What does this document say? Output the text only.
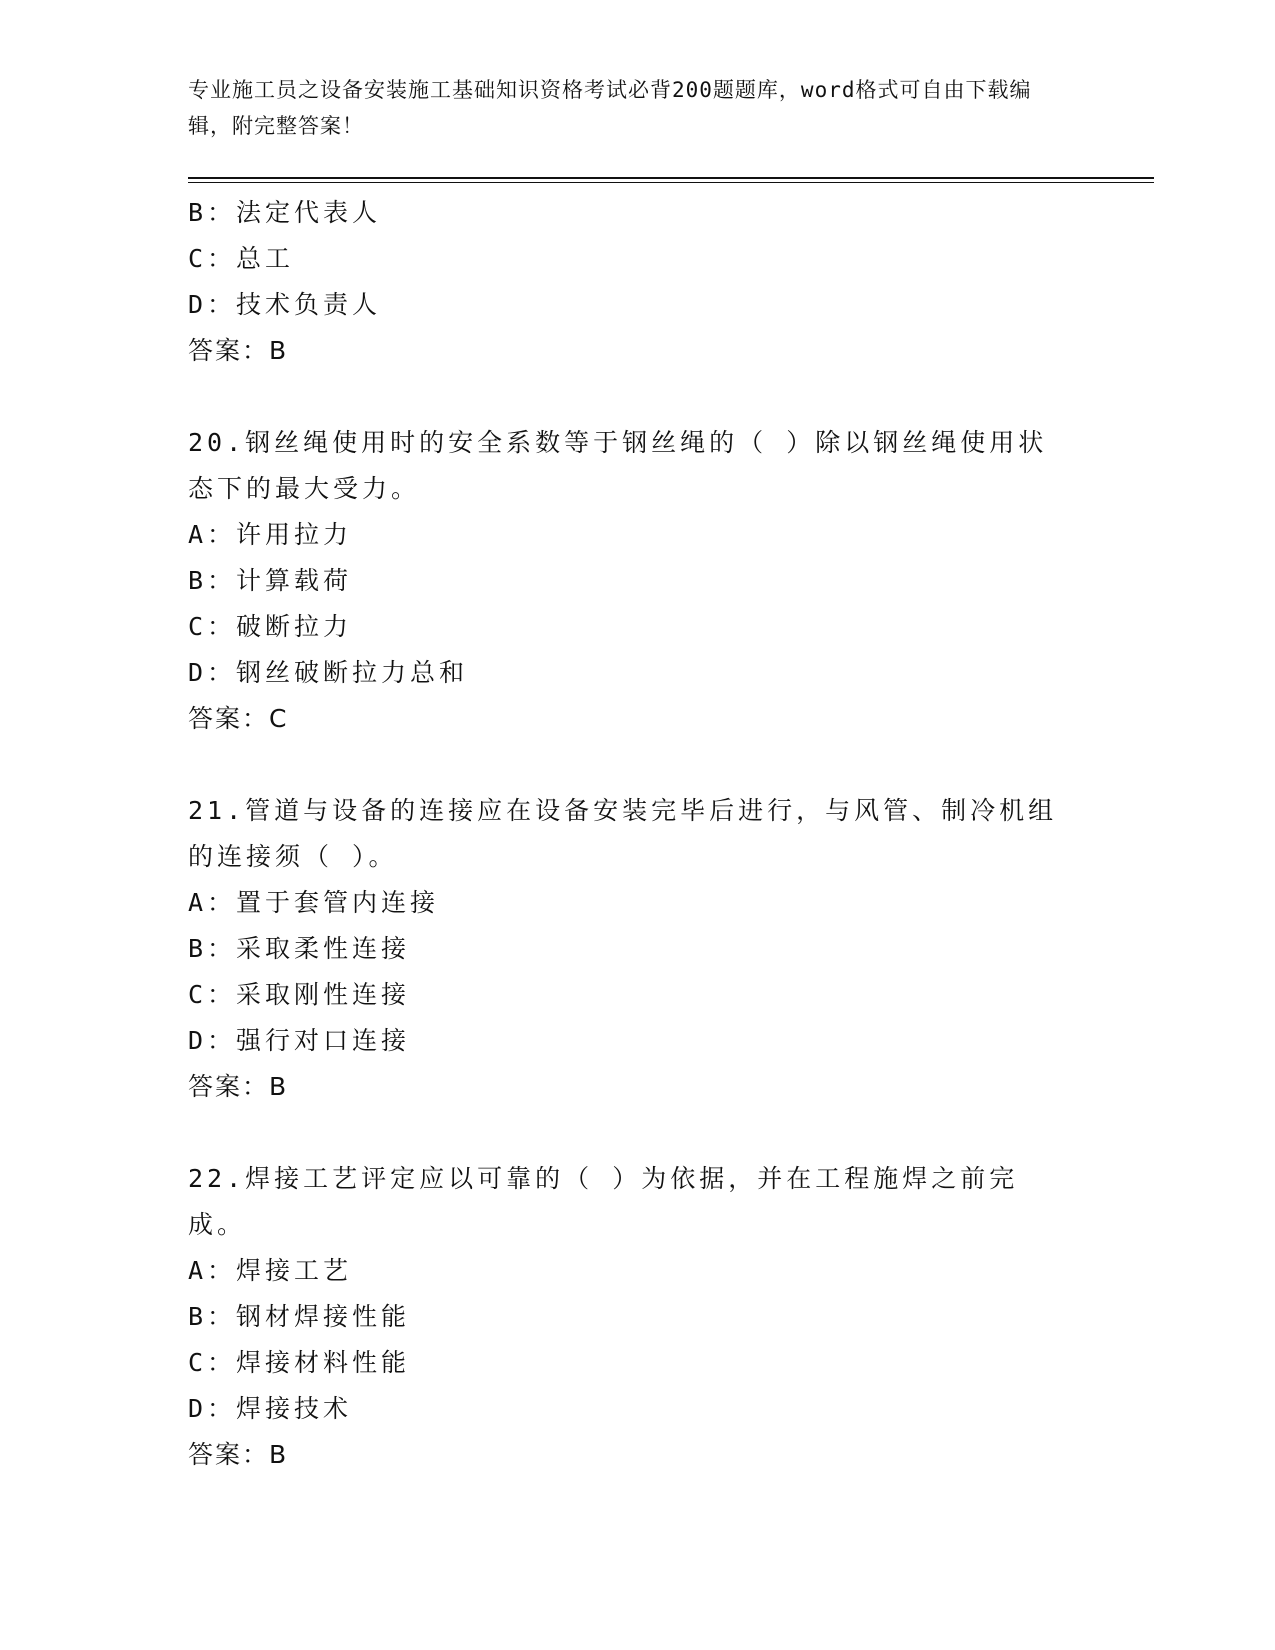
专业施工员之设备安装施工基础知识资格考试必背200题题库，word格式可自由下载编辑，附完整答案！
B：法定代表人
C：总工
D：技术负责人
答案：B
20.钢丝绳使用时的安全系数等于钢丝绳的（ ）除以钢丝绳使用状态下的最大受力。
A：许用拉力
B：计算载荷
C：破断拉力
D：钢丝破断拉力总和
答案：C
21.管道与设备的连接应在设备安装完毕后进行，与风管、制冷机组的连接须（ ）。
A：置于套管内连接
B：采取柔性连接
C：采取刚性连接
D：强行对口连接
答案：B
22.焊接工艺评定应以可靠的（ ）为依据，并在工程施焊之前完成。
A：焊接工艺
B：钢材焊接性能
C：焊接材料性能
D：焊接技术
答案：B
